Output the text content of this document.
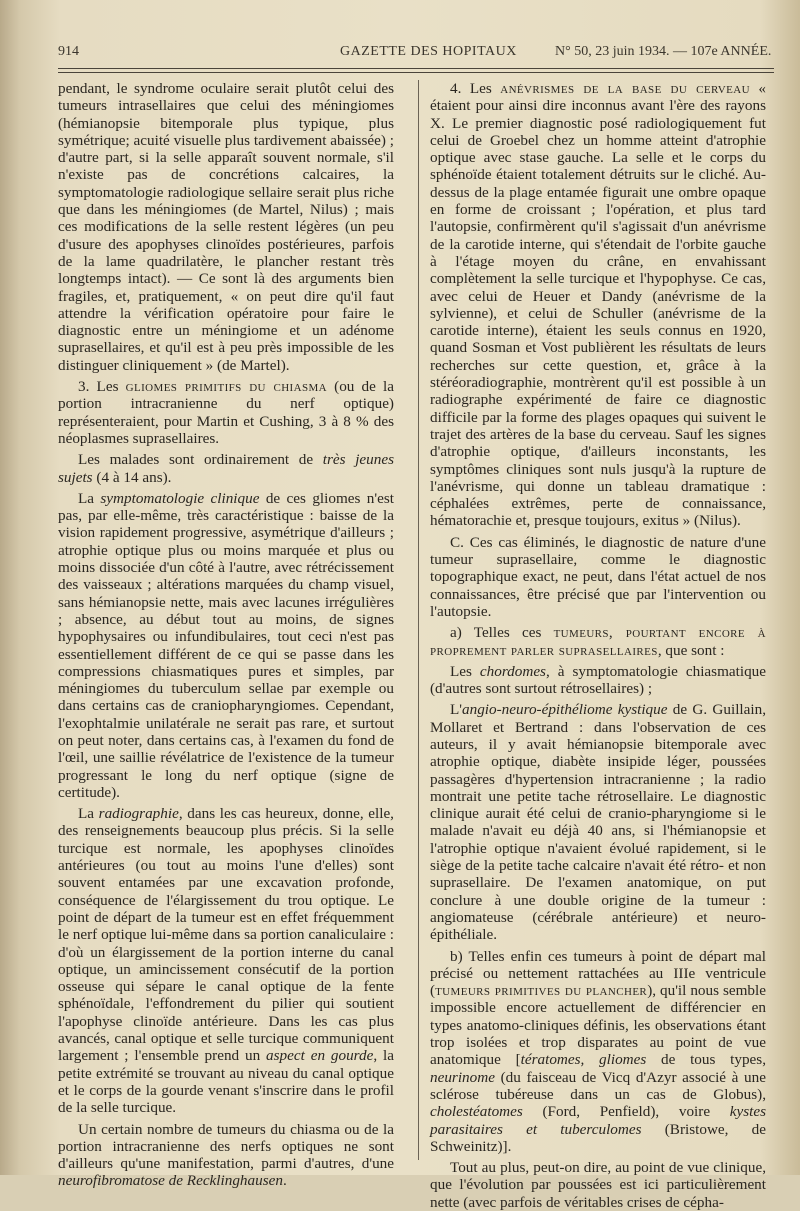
914	GAZETTE DES HOPITAUX	N° 50, 23 juin 1934. — 107e ANNÉE.

pendant, le syndrome oculaire serait plutôt celui des tumeurs intrasellaires que celui des méningiomes (hémianopsie bitemporale plus typique, plus symétrique; acuité visuelle plus tardivement abaissée) ; d'autre part, si la selle apparaît souvent normale, s'il n'existe pas de concrétions calcaires, la symptomatologie radiologique sellaire serait plus riche que dans les méningiomes (de Martel, Nilus) ; mais ces modifications de la selle restent légères (un peu d'usure des apophyses clinoïdes postérieures, parfois de la lame quadrilatère, le plancher restant très longtemps intact). — Ce sont là des arguments bien fragiles, et, pratiquement, « on peut dire qu'il faut attendre la vérification opératoire pour faire le diagnostic entre un méningiome et un adénome suprasellaires, et qu'il est à peu près impossible de les distinguer cliniquement » (de Martel).

3. Les gliomes primitifs du chiasma (ou de la portion intracranienne du nerf optique) représenteraient, pour Martin et Cushing, 3 à 8 % des néoplasmes suprasellaires.

Les malades sont ordinairement de très jeunes sujets (4 à 14 ans).

La symptomatologie clinique de ces gliomes n'est pas, par elle-même, très caractéristique : baisse de la vision rapidement progressive, asymétrique d'ailleurs ; atrophie optique plus ou moins marquée et plus ou moins dissociée d'un côté à l'autre, avec rétrécissement des vaisseaux ; altérations marquées du champ visuel, sans hémianopsie nette, mais avec lacunes irrégulières ; absence, au début tout au moins, de signes hypophysaires ou infundibulaires, tout ceci n'est pas essentiellement différent de ce qui se passe dans les compressions chiasmatiques pures et simples, par méningiomes du tuberculum sellae par exemple ou dans certains cas de craniopharyngiomes. Cependant, l'exophtalmie unilatérale ne serait pas rare, et surtout on peut noter, dans certains cas, à l'examen du fond de l'œil, une saillie révélatrice de l'existence de la tumeur progressant le long du nerf optique (signe de certitude).

La radiographie, dans les cas heureux, donne, elle, des renseignements beaucoup plus précis. Si la selle turcique est normale, les apophyses clinoïdes antérieures (ou tout au moins l'une d'elles) sont souvent entamées par une excavation profonde, conséquence de l'élargissement du trou optique. Le point de départ de la tumeur est en effet fréquemment le nerf optique lui-même dans sa portion canaliculaire : d'où un élargissement de la portion interne du canal optique, un amincissement consécutif de la portion osseuse qui sépare le canal optique de la fente sphénoïdale, l'effondrement du pilier qui soutient l'apophyse clinoïde antérieure. Dans les cas plus avancés, canal optique et selle turcique communiquent largement ; l'ensemble prend un aspect en gourde, la petite extrémité se trouvant au niveau du canal optique et le corps de la gourde venant s'inscrire dans le profil de la selle turcique.

Un certain nombre de tumeurs du chiasma ou de la portion intracranienne des nerfs optiques ne sont d'ailleurs qu'une manifestation, parmi d'autres, d'une neurofibromatose de Recklinghausen.

4. Les anévrismes de la base du cerveau « étaient pour ainsi dire inconnus avant l'ère des rayons X. Le premier diagnostic posé radiologiquement fut celui de Groebel chez un homme atteint d'atrophie optique avec stase gauche. La selle et le corps du sphénoïde étaient totalement détruits sur le cliché. Au-dessus de la plage entamée figurait une ombre opaque en forme de croissant ; l'opération, et plus tard l'autopsie, confirmèrent qu'il s'agissait d'un anévrisme de la carotide interne, qui s'étendait de l'orbite gauche à l'étage moyen du crâne, en envahissant complètement la selle turcique et l'hypophyse. Ce cas, avec celui de Heuer et Dandy (anévrisme de la sylvienne), et celui de Schuller (anévrisme de la carotide interne), étaient les seuls connus en 1920, quand Sosman et Vost publièrent les résultats de leurs recherches sur cette question, et, grâce à la stéréoradiographie, montrèrent qu'il est possible à un radiographe expérimenté de faire ce diagnostic difficile par la forme des plages opaques qui suivent le trajet des artères de la base du cerveau. Sauf les signes d'atrophie optique, d'ailleurs inconstants, les symptômes cliniques sont nuls jusqu'à la rupture de l'anévrisme, qui donne un tableau dramatique : céphalées extrêmes, perte de connaissance, hématorachie et, presque toujours, exitus » (Nilus).

C. Ces cas éliminés, le diagnostic de nature d'une tumeur suprasellaire, comme le diagnostic topographique exact, ne peut, dans l'état actuel de nos connaissances, être précisé que par l'intervention ou l'autopsie.

a) Telles ces tumeurs, pourtant encore à proprement parler suprasellaires, que sont :

Les chordomes, à symptomatologie chiasmatique (d'autres sont surtout rétrosellaires) ;

L'angio-neuro-épithéliome kystique de G. Guillain, Mollaret et Bertrand : dans l'observation de ces auteurs, il y avait hémianopsie bitemporale avec atrophie optique, diabète insipide léger, poussées passagères d'hypertension intracranienne ; la radio montrait une petite tache rétrosellaire. Le diagnostic clinique aurait été celui de cranio-pharyngiome si le malade n'avait eu déjà 40 ans, si l'hémianopsie et l'atrophie optique n'avaient évolué rapidement, si le siège de la petite tache calcaire n'avait été rétro- et non suprasellaire. De l'examen anatomique, on put conclure à une double origine de la tumeur : angiomateuse (cérébrale antérieure) et neuro-épithéliale.

b) Telles enfin ces tumeurs à point de départ mal précisé ou nettement rattachées au IIIe ventricule (tumeurs primitives du plancher), qu'il nous semble impossible encore actuellement de différencier en types anatomo-cliniques définis, les observations étant trop isolées et trop disparates au point de vue anatomique [tératomes, gliomes de tous types, neurinome (du faisceau de Vicq d'Azyr associé à une sclérose tubéreuse dans un cas de Globus), cholestéatomes (Ford, Penfield), voire kystes parasitaires et tuberculomes (Bristowe, de Schweinitz)].

Tout au plus, peut-on dire, au point de vue clinique, que l'évolution par poussées est ici particulièrement nette (avec parfois de véritables crises de cépha-
